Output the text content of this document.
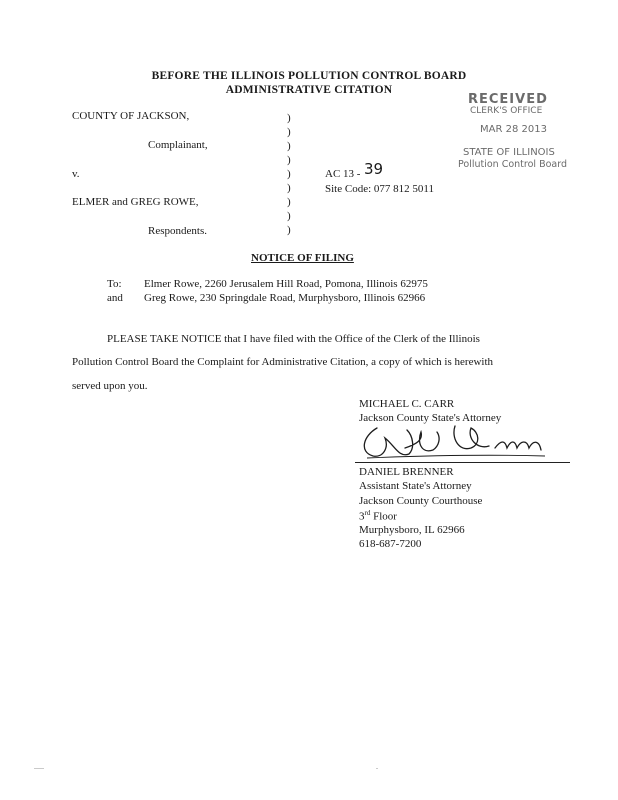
BEFORE THE ILLINOIS POLLUTION CONTROL BOARD
ADMINISTRATIVE CITATION
RECEIVED
CLERK'S OFFICE
MAR 28 2013
STATE OF ILLINOIS
Pollution Control Board
COUNTY OF JACKSON,
Complainant,
v.
ELMER and GREG ROWE,
Respondents.
)
)
)
)
)
)
)
)
)
AC 13 - 39
Site Code: 077 812 5011
NOTICE OF FILING
To: Elmer Rowe, 2260 Jerusalem Hill Road, Pomona, Illinois 62975
and Greg Rowe, 230 Springdale Road, Murphysboro, Illinois 62966
PLEASE TAKE NOTICE that I have filed with the Office of the Clerk of the Illinois
Pollution Control Board the Complaint for Administrative Citation, a copy of which is herewith
served upon you.
MICHAEL C. CARR
Jackson County State's Attorney
DANIEL BRENNER
Assistant State's Attorney
Jackson County Courthouse
3rd Floor
Murphysboro, IL 62966
618-687-7200
.....	.
